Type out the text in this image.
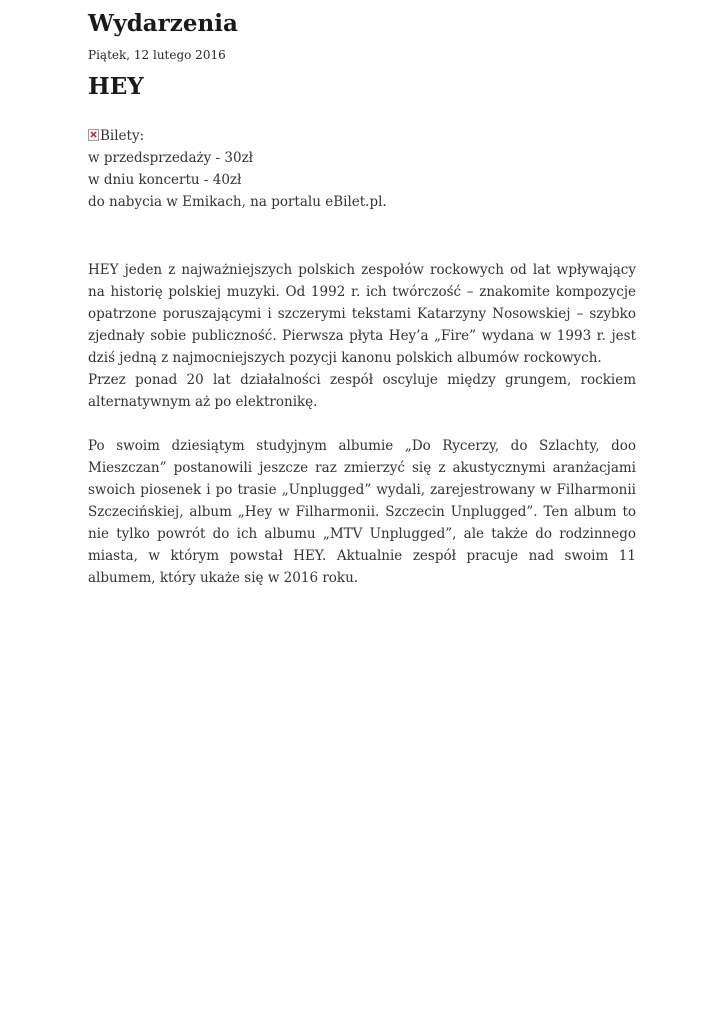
Wydarzenia
Piątek, 12 lutego 2016
HEY
Bilety:
w przedsprzedaży - 30zł
w dniu koncertu - 40zł
do nabycia w Emikach, na portalu eBilet.pl.

HEY jeden z najważniejszych polskich zespołów rockowych od lat wpływający na historię polskiej muzyki. Od 1992 r. ich twórczość – znakomite kompozycje opatrzone poruszającymi i szczerymi tekstami Katarzyny Nosowskiej – szybko zjednały sobie publiczność. Pierwsza płyta Hey’a „Fire” wydana w 1993 r. jest dziś jedną z najmocniejszych pozycji kanonu polskich albumów rockowych.
Przez ponad 20 lat działalności zespół oscyluje między grungem, rockiem alternatywnym aż po elektronikę.

Po swoim dziesiątym studyjnym albumie „Do Rycerzy, do Szlachty, doo Mieszczan” postanowili jeszcze raz zmierzyć się z akustycznymi aranżacjami swoich piosenek i po trasie „Unplugged” wydali, zarejestrowany w Filharmonii Szczecińskiej, album „Hey w Filharmonii. Szczecin Unplugged”. Ten album to nie tylko powrót do ich albumu „MTV Unplugged”, ale także do rodzinnego miasta, w którym powstał HEY. Aktualnie zespół pracuje nad swoim 11 albumem, który ukaże się w 2016 roku.
